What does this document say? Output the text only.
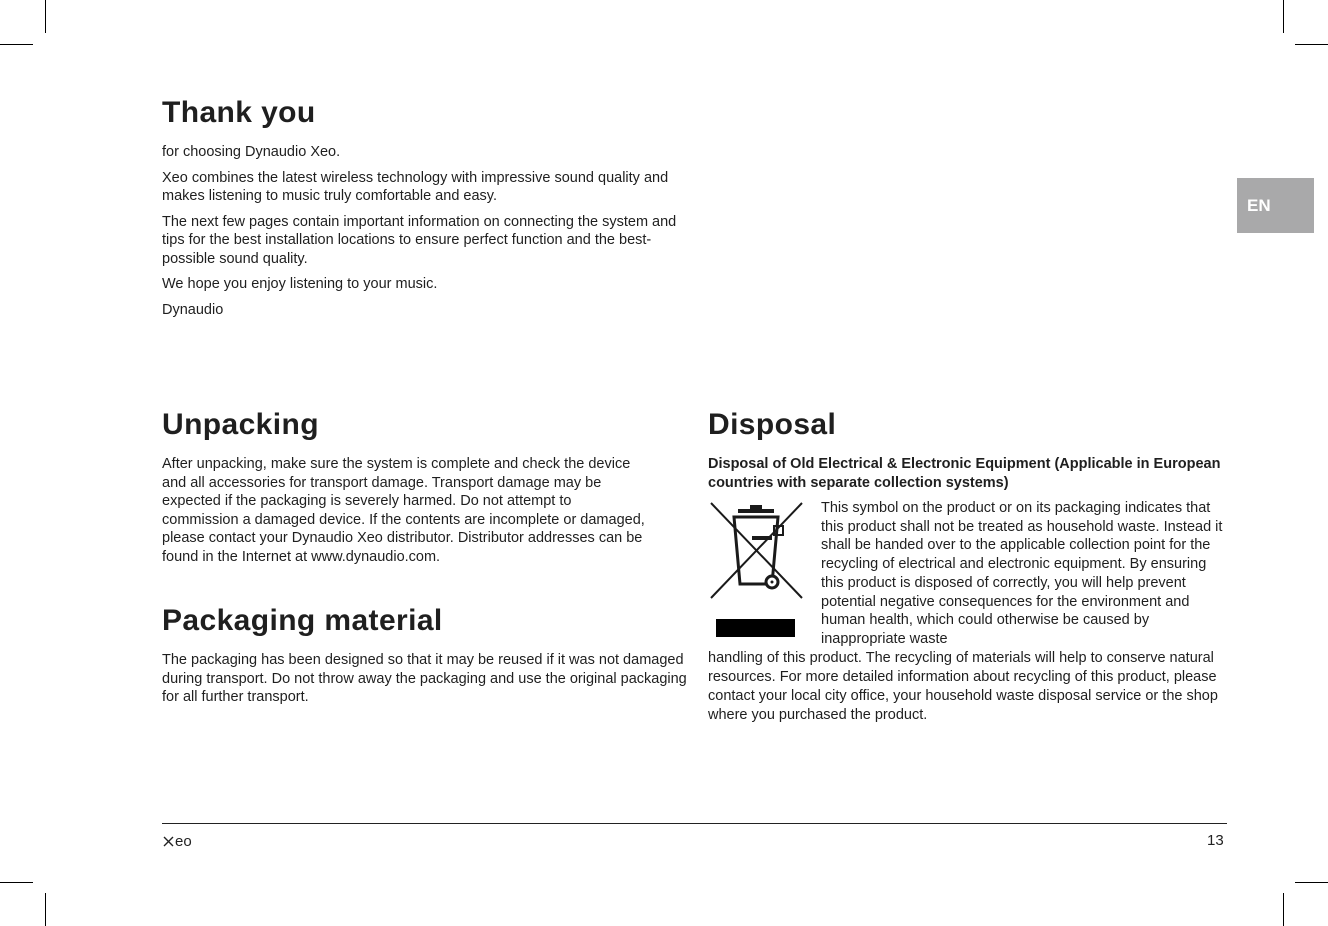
EN
Thank you

for choosing Dynaudio Xeo.

Xeo combines the latest wireless technology with impressive sound quality and makes listening to music truly comfortable and easy.

The next few pages contain important information on connecting the system and tips for the best installation locations to ensure perfect function and the best-possible sound quality.

We hope you enjoy listening to your music.

Dynaudio

Unpacking

After unpacking, make sure the system is complete and check the device and all accessories for transport damage. Transport damage may be expected if the packaging is severely harmed. Do not attempt to commission a damaged device. If the contents are incomplete or damaged, please contact your Dynaudio Xeo distributor. Distributor addresses can be found in the Internet at www.dynaudio.com.

Packaging material

The packaging has been designed so that it may be reused if it was not damaged during transport. Do not throw away the packaging and use the original packaging for all further transport.

Disposal
Disposal of Old Electrical & Electronic Equipment (Applicable in European countries with separate collection systems)
This symbol on the product or on its packaging indicates that this product shall not be treated as household waste. Instead it shall be handed over to the applicable collection point for the recycling of electrical and electronic equipment. By ensuring this product is disposed of correctly, you will help prevent potential negative consequences for the environment and human health, which could otherwise be caused by inappropriate waste
handling of this product. The recycling of materials will help to conserve natural resources. For more detailed information about recycling of this product, please contact your local city office, your household waste disposal service or the shop where you purchased the product.
eo	13
